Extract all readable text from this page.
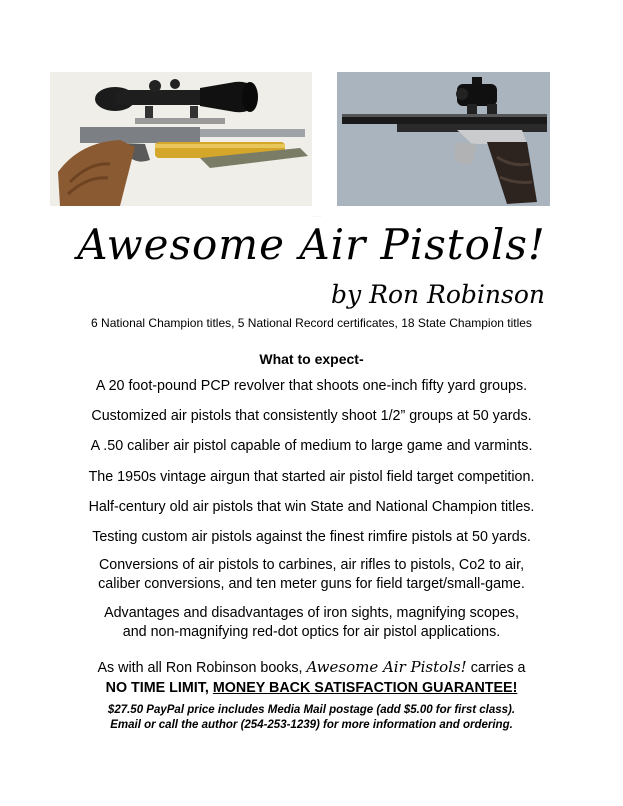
· · · · ·
Awesome Air Pistols!
by Ron Robinson
6 National Champion titles, 5 National Record certificates, 18 State Champion titles
What to expect-
A 20 foot-pound PCP revolver that shoots one-inch fifty yard groups.
Customized air pistols that consistently shoot 1/2” groups at 50 yards.
A .50 caliber air pistol capable of medium to large game and varmints.
The 1950s vintage airgun that started air pistol field target competition.
Half-century old air pistols that win State and National Champion titles.
Testing custom air pistols against the finest rimfire pistols at 50 yards.
Conversions of air pistols to carbines, air rifles to pistols, Co2 to air,
caliber conversions, and ten meter guns for field target/small-game.
Advantages and disadvantages of iron sights, magnifying scopes,
and non-magnifying red-dot optics for air pistol applications.
As with all Ron Robinson books, Awesome Air Pistols! carries a
NO TIME LIMIT, MONEY BACK SATISFACTION GUARANTEE!
$27.50 PayPal price includes Media Mail postage (add $5.00 for first class).
Email or call the author (254-253-1239) for more information and ordering.
